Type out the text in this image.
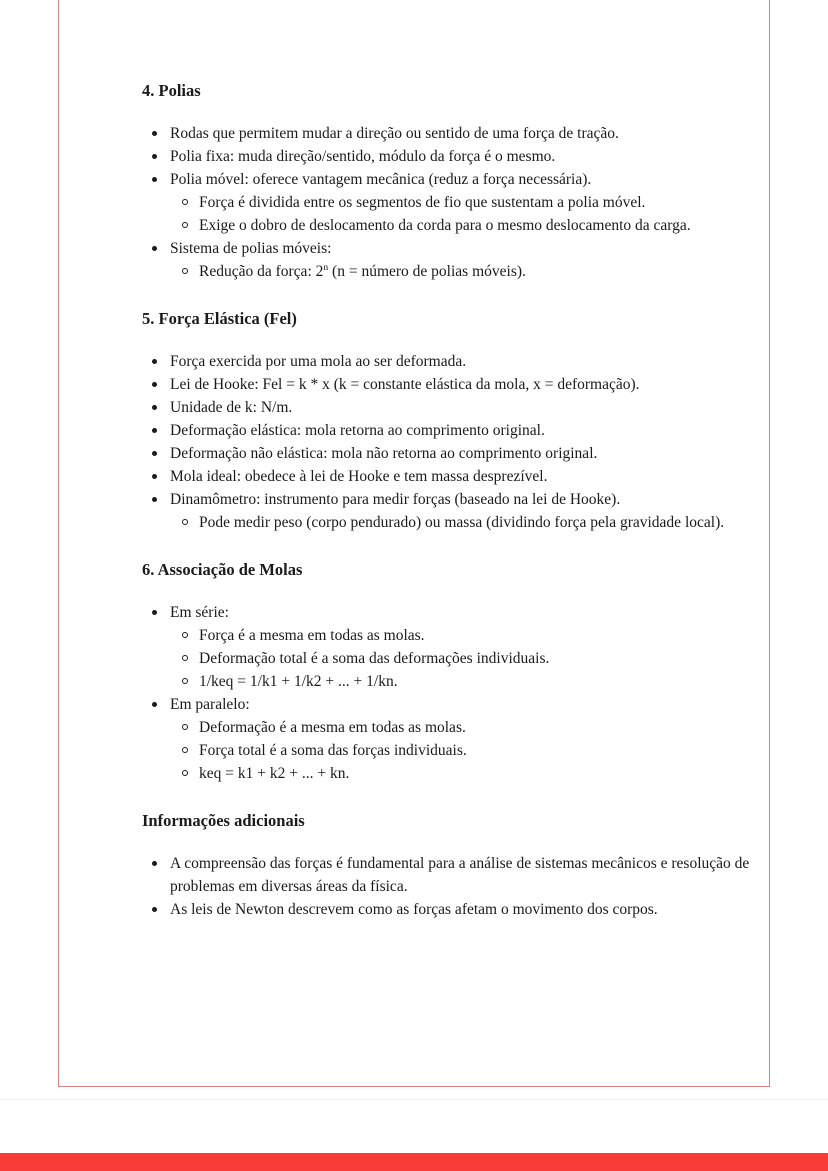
4. Polias
Rodas que permitem mudar a direção ou sentido de uma força de tração.
Polia fixa: muda direção/sentido, módulo da força é o mesmo.
Polia móvel: oferece vantagem mecânica (reduz a força necessária).
Força é dividida entre os segmentos de fio que sustentam a polia móvel.
Exige o dobro de deslocamento da corda para o mesmo deslocamento da carga.
Sistema de polias móveis:
Redução da força: 2$^n$ (n = número de polias móveis).
5. Força Elástica (Fel)
Força exercida por uma mola ao ser deformada.
Lei de Hooke: Fel = k * x (k = constante elástica da mola, x = deformação).
Unidade de k: N/m.
Deformação elástica: mola retorna ao comprimento original.
Deformação não elástica: mola não retorna ao comprimento original.
Mola ideal: obedece à lei de Hooke e tem massa desprezível.
Dinamômetro: instrumento para medir forças (baseado na lei de Hooke).
Pode medir peso (corpo pendurado) ou massa (dividindo força pela gravidade local).
6. Associação de Molas
Em série:
Força é a mesma em todas as molas.
Deformação total é a soma das deformações individuais.
1/keq = 1/k1 + 1/k2 + ... + 1/kn.
Em paralelo:
Deformação é a mesma em todas as molas.
Força total é a soma das forças individuais.
keq = k1 + k2 + ... + kn.
Informações adicionais
A compreensão das forças é fundamental para a análise de sistemas mecânicos e resolução de problemas em diversas áreas da física.
As leis de Newton descrevem como as forças afetam o movimento dos corpos.
